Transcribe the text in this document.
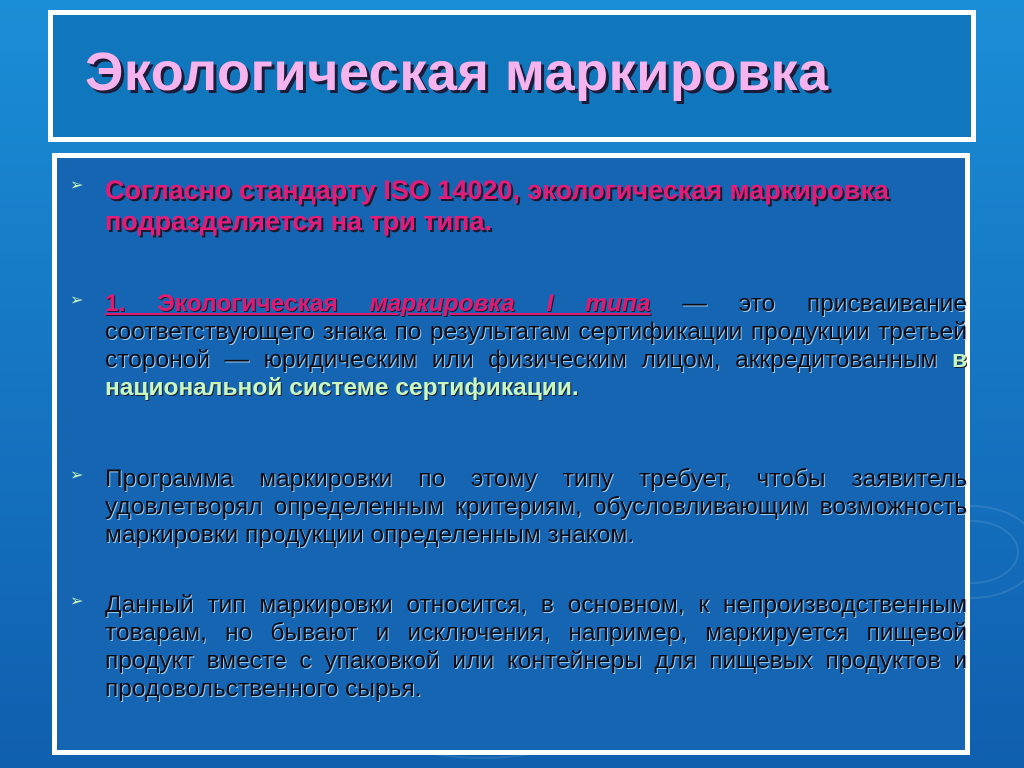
Экологическая маркировка
➢ Согласно стандарту ISO 14020, экологическая маркировка подразделяется на три типа.

➢ 1. Экологическая маркировка I типа — это присваивание соответствующего знака по результатам сертификации продукции третьей стороной — юридическим или физическим лицом, аккредитованным в национальной системе сертификации.

➢ Программа маркировки по этому типу требует, чтобы заявитель удовлетворял определенным критериям, обусловливающим возможность маркировки продукции определенным знаком.

➢ Данный тип маркировки относится, в основном, к непроизводственным товарам, но бывают и исключения, например, маркируется пищевой продукт вместе с упаковкой или контейнеры для пищевых продуктов и продовольственного сырья.
